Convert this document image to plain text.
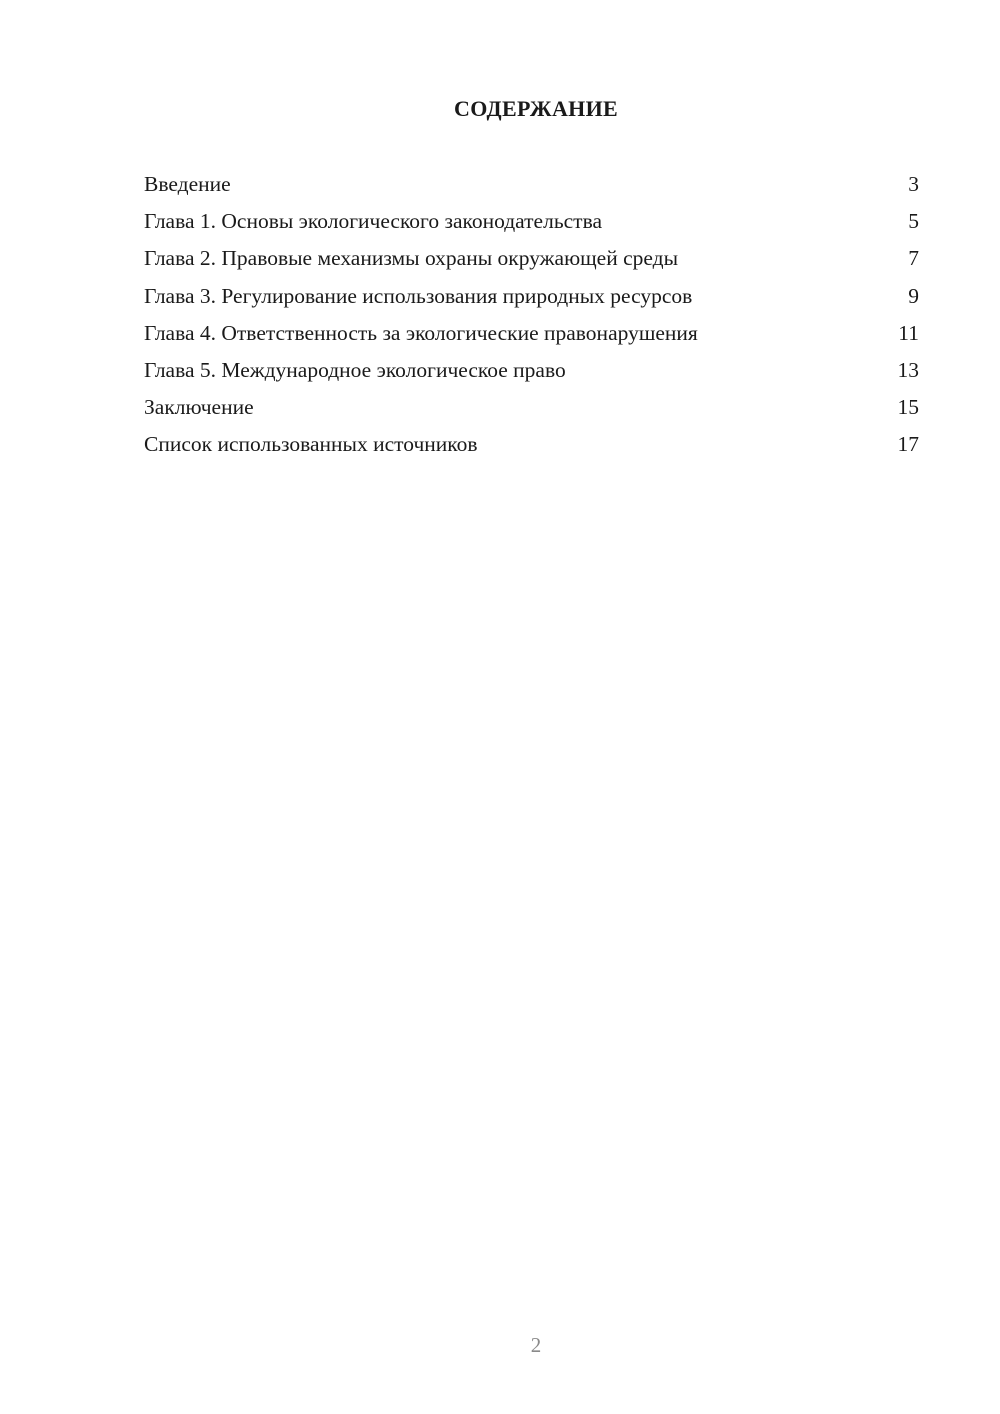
СОДЕРЖАНИЕ
Введение	3
Глава 1. Основы экологического законодательства	5
Глава 2. Правовые механизмы охраны окружающей среды	7
Глава 3. Регулирование использования природных ресурсов	9
Глава 4. Ответственность за экологические правонарушения	11
Глава 5. Международное экологическое право	13
Заключение	15
Список использованных источников	17
2
